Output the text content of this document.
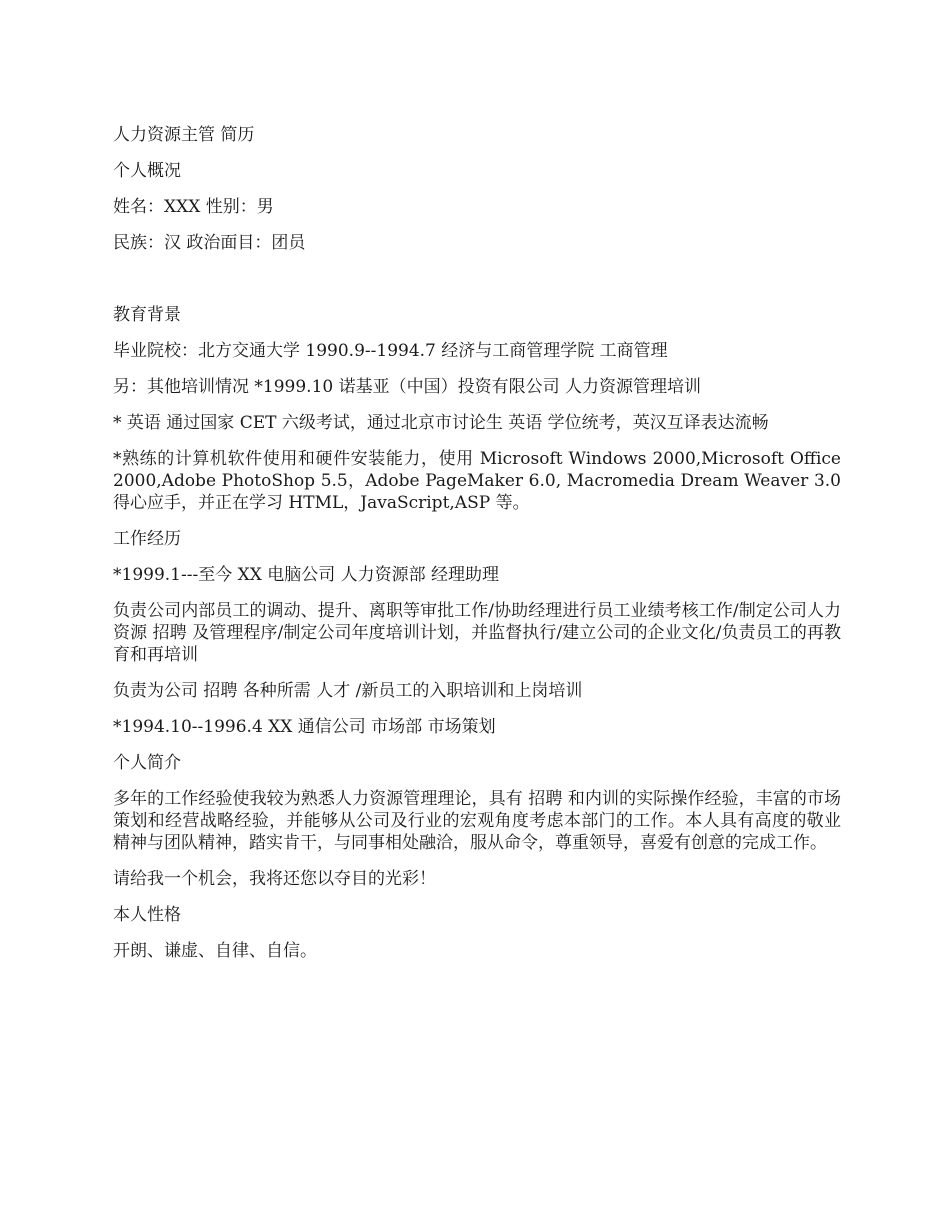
人力资源主管 简历

个人概况

姓名：XXX 性别：男

民族：汉 政治面目：团员

教育背景

毕业院校：北方交通大学 1990.9--1994.7 经济与工商管理学院 工商管理

另：其他培训情况 *1999.10 诺基亚（中国）投资有限公司 人力资源管理培训

* 英语 通过国家 CET 六级考试，通过北京市讨论生 英语 学位统考，英汉互译表达流畅

*熟练的计算机软件使用和硬件安装能力，使用 Microsoft Windows 2000,Microsoft Office 2000,Adobe PhotoShop 5.5，Adobe PageMaker 6.0, Macromedia Dream Weaver 3.0 得心应手，并正在学习 HTML，JavaScript,ASP 等。

工作经历

*1999.1---至今 XX 电脑公司 人力资源部 经理助理

负责公司内部员工的调动、提升、离职等审批工作/协助经理进行员工业绩考核工作/制定公司人力资源 招聘 及管理程序/制定公司年度培训计划，并监督执行/建立公司的企业文化/负责员工的再教育和再培训

负责为公司 招聘 各种所需 人才 /新员工的入职培训和上岗培训

*1994.10--1996.4 XX 通信公司 市场部 市场策划

个人简介

多年的工作经验使我较为熟悉人力资源管理理论，具有 招聘 和内训的实际操作经验，丰富的市场策划和经营战略经验，并能够从公司及行业的宏观角度考虑本部门的工作。本人具有高度的敬业精神与团队精神，踏实肯干，与同事相处融洽，服从命令，尊重领导，喜爱有创意的完成工作。

请给我一个机会，我将还您以夺目的光彩！

本人性格

开朗、谦虚、自律、自信。
